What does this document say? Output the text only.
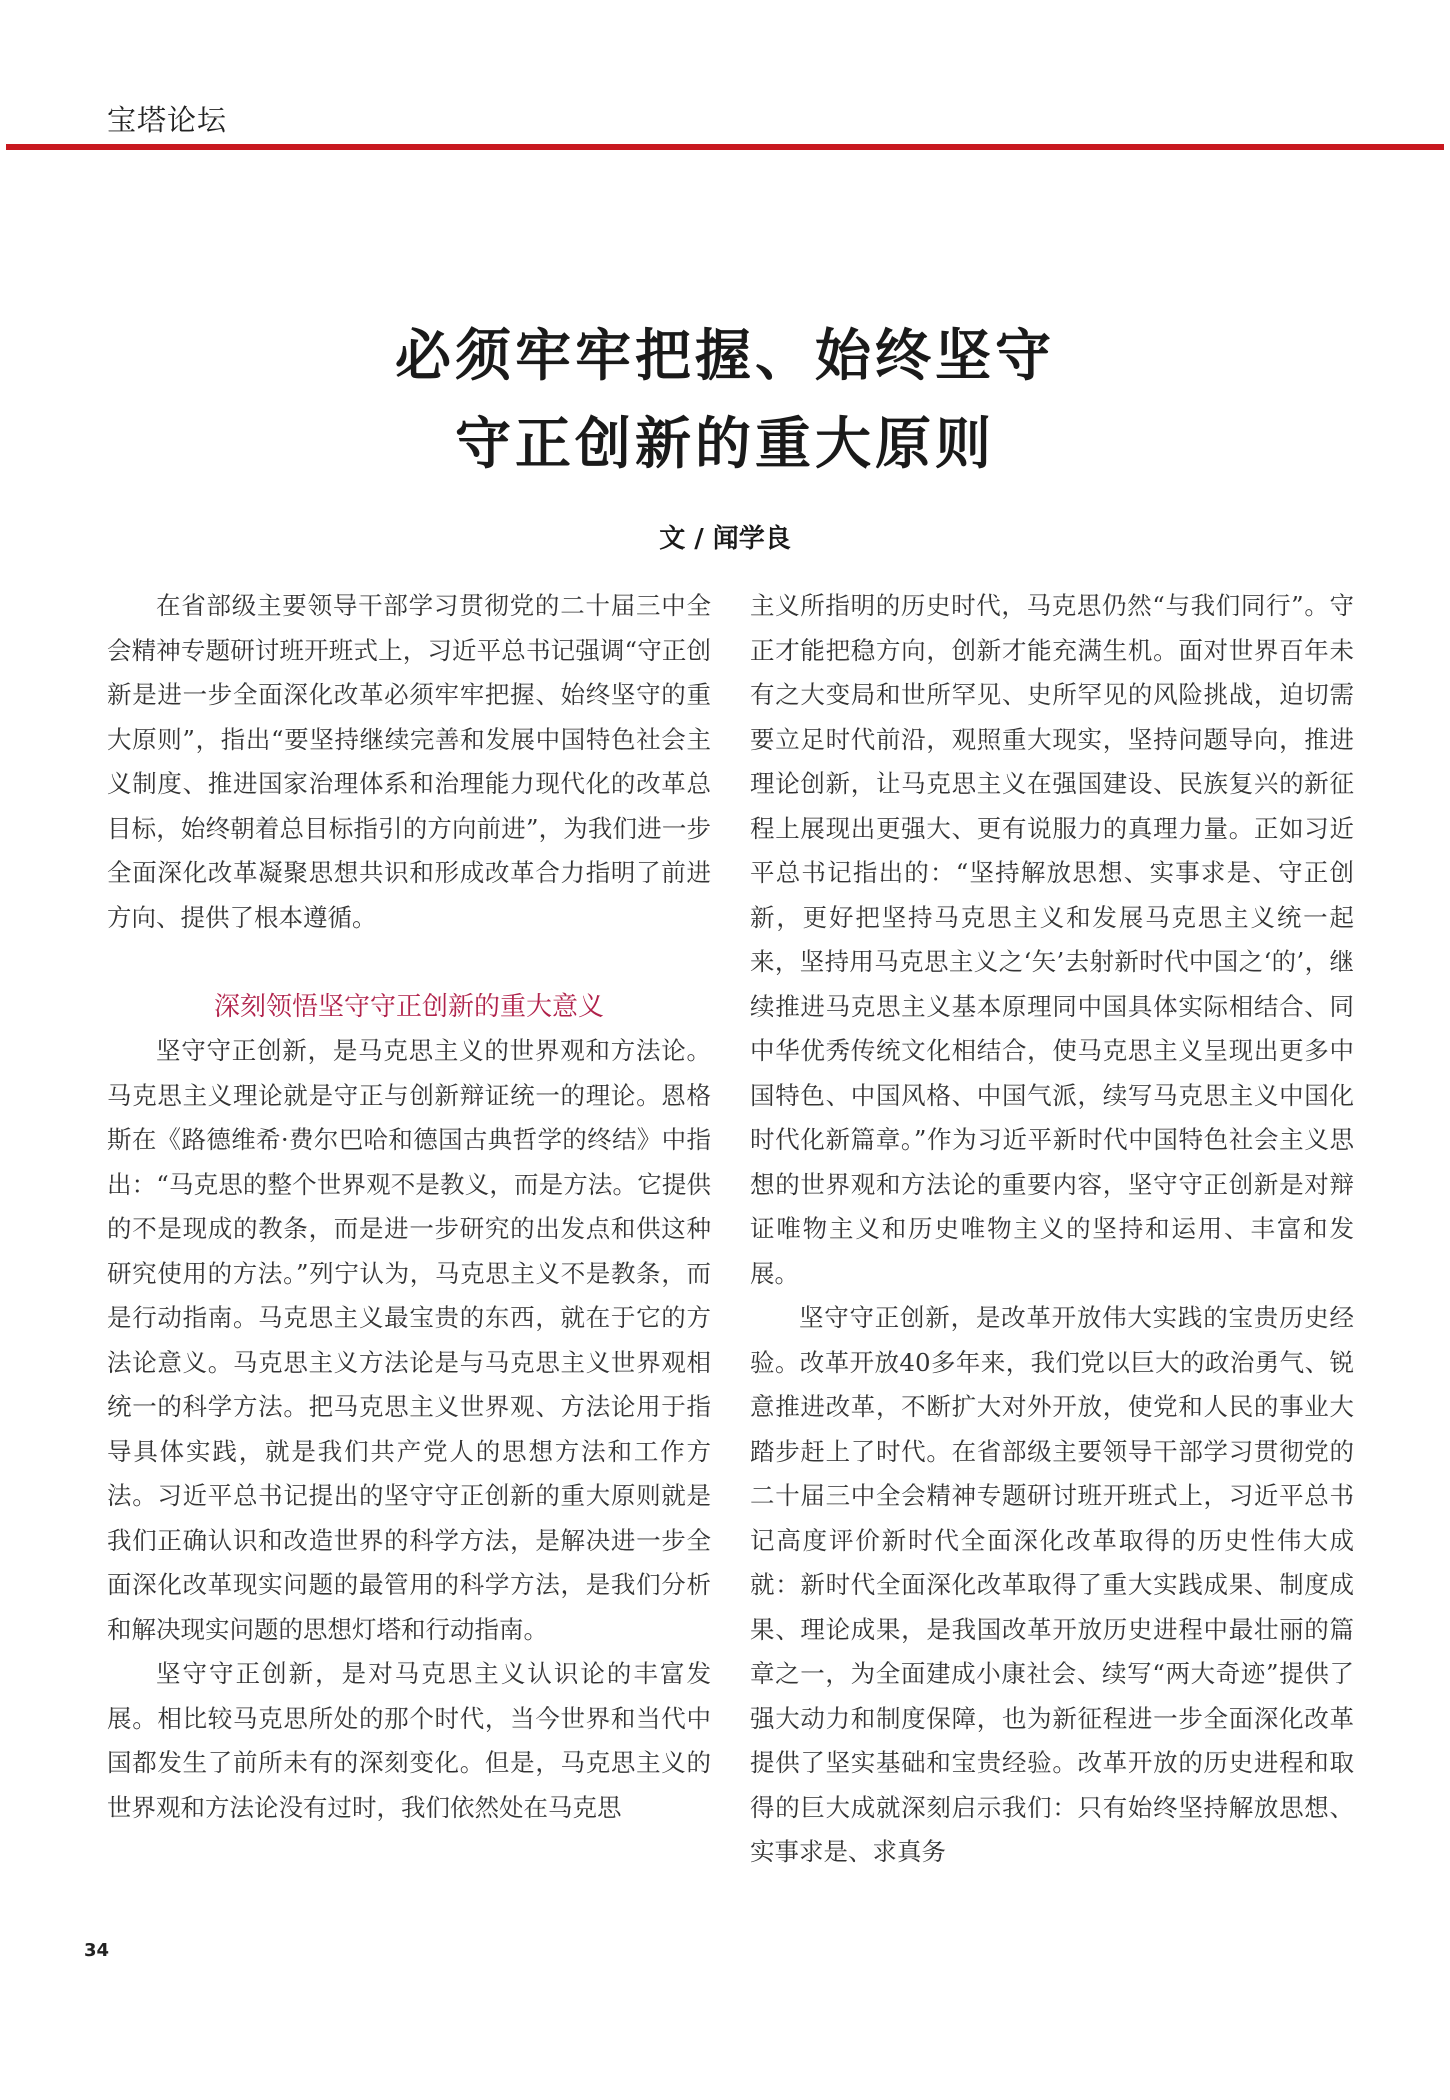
宝塔论坛
必须牢牢把握、始终坚守
守正创新的重大原则
文 / 闻学良

在省部级主要领导干部学习贯彻党的二十届三中全会精神专题研讨班开班式上，习近平总书记强调“守正创新是进一步全面深化改革必须牢牢把握、始终坚守的重大原则”，指出“要坚持继续完善和发展中国特色社会主义制度、推进国家治理体系和治理能力现代化的改革总目标，始终朝着总目标指引的方向前进”，为我们进一步全面深化改革凝聚思想共识和形成改革合力指明了前进方向、提供了根本遵循。

深刻领悟坚守守正创新的重大意义

坚守守正创新，是马克思主义的世界观和方法论。马克思主义理论就是守正与创新辩证统一的理论。恩格斯在《路德维希·费尔巴哈和德国古典哲学的终结》中指出：“马克思的整个世界观不是教义，而是方法。它提供的不是现成的教条，而是进一步研究的出发点和供这种研究使用的方法。”列宁认为，马克思主义不是教条，而是行动指南。马克思主义最宝贵的东西，就在于它的方法论意义。马克思主义方法论是与马克思主义世界观相统一的科学方法。把马克思主义世界观、方法论用于指导具体实践，就是我们共产党人的思想方法和工作方法。习近平总书记提出的坚守守正创新的重大原则就是我们正确认识和改造世界的科学方法，是解决进一步全面深化改革现实问题的最管用的科学方法，是我们分析和解决现实问题的思想灯塔和行动指南。

坚守守正创新，是对马克思主义认识论的丰富发展。相比较马克思所处的那个时代，当今世界和当代中国都发生了前所未有的深刻变化。但是，马克思主义的世界观和方法论没有过时，我们依然处在马克思

主义所指明的历史时代，马克思仍然“与我们同行”。守正才能把稳方向，创新才能充满生机。面对世界百年未有之大变局和世所罕见、史所罕见的风险挑战，迫切需要立足时代前沿，观照重大现实，坚持问题导向，推进理论创新，让马克思主义在强国建设、民族复兴的新征程上展现出更强大、更有说服力的真理力量。正如习近平总书记指出的：“坚持解放思想、实事求是、守正创新，更好把坚持马克思主义和发展马克思主义统一起来，坚持用马克思主义之‘矢’去射新时代中国之‘的’，继续推进马克思主义基本原理同中国具体实际相结合、同中华优秀传统文化相结合，使马克思主义呈现出更多中国特色、中国风格、中国气派，续写马克思主义中国化时代化新篇章。”作为习近平新时代中国特色社会主义思想的世界观和方法论的重要内容，坚守守正创新是对辩证唯物主义和历史唯物主义的坚持和运用、丰富和发展。

坚守守正创新，是改革开放伟大实践的宝贵历史经验。改革开放40多年来，我们党以巨大的政治勇气、锐意推进改革，不断扩大对外开放，使党和人民的事业大踏步赶上了时代。在省部级主要领导干部学习贯彻党的二十届三中全会精神专题研讨班开班式上，习近平总书记高度评价新时代全面深化改革取得的历史性伟大成就：新时代全面深化改革取得了重大实践成果、制度成果、理论成果，是我国改革开放历史进程中最壮丽的篇章之一，为全面建成小康社会、续写“两大奇迹”提供了强大动力和制度保障，也为新征程进一步全面深化改革提供了坚实基础和宝贵经验。改革开放的历史进程和取得的巨大成就深刻启示我们：只有始终坚持解放思想、实事求是、求真务

34
